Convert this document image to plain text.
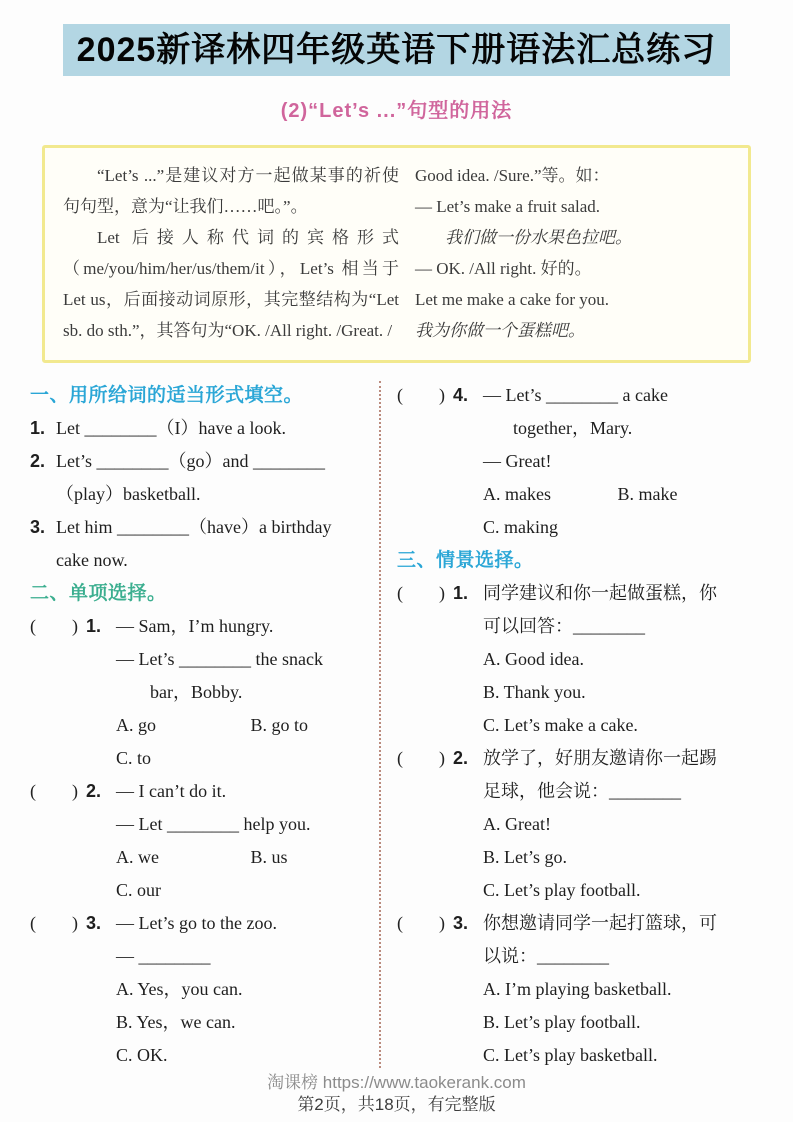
2025新译林四年级英语下册语法汇总练习
(2)“Let’s ...”句型的用法

“Let’s ...”是建议对方一起做某事的祈使句句型，意为“让我们……吧。”。

Let 后接人称代词的宾格形式（me/you/him/her/us/them/it），Let’s 相当于 Let us，后面接动词原形，其完整结构为“Let sb. do sth.”，其答句为“OK. /All right. /Great. /

Good idea. /Sure.”等。如：
— Let’s make a fruit salad.
我们做一份水果色拉吧。
— OK. /All right. 好的。
Let me make a cake for you.
我为你做一个蛋糕吧。
一、用所给词的适当形式填空。
1. Let ________（I）have a look.
2. Let’s ________（go）and ________
（play）basketball.
3. Let him ________（have）a birthday
cake now.
二、单项选择。
(　　) 1. — Sam，I’m hungry.
— Let’s ________ the snack
bar，Bobby.
A. go	B. go to
C. to
(　　) 2. — I can’t do it.
— Let ________ help you.
A. we	B. us
C. our
(　　) 3. — Let’s go to the zoo.
— ________
A. Yes，you can.
B. Yes，we can.
C. OK.
(　　) 4. — Let’s ________ a cake
together，Mary.
— Great!
A. makes	B. make
C. making
三、情景选择。
(　　) 1. 同学建议和你一起做蛋糕，你
可以回答：________
A. Good idea.
B. Thank you.
C. Let’s make a cake.
(　　) 2. 放学了，好朋友邀请你一起踢
足球，他会说：________
A. Great!
B. Let’s go.
C. Let’s play football.
(　　) 3. 你想邀请同学一起打篮球，可
以说：________
A. I’m playing basketball.
B. Let’s play football.
C. Let’s play basketball.
淘课榜 https://www.taokerank.com
第2页，共18页，有完整版
